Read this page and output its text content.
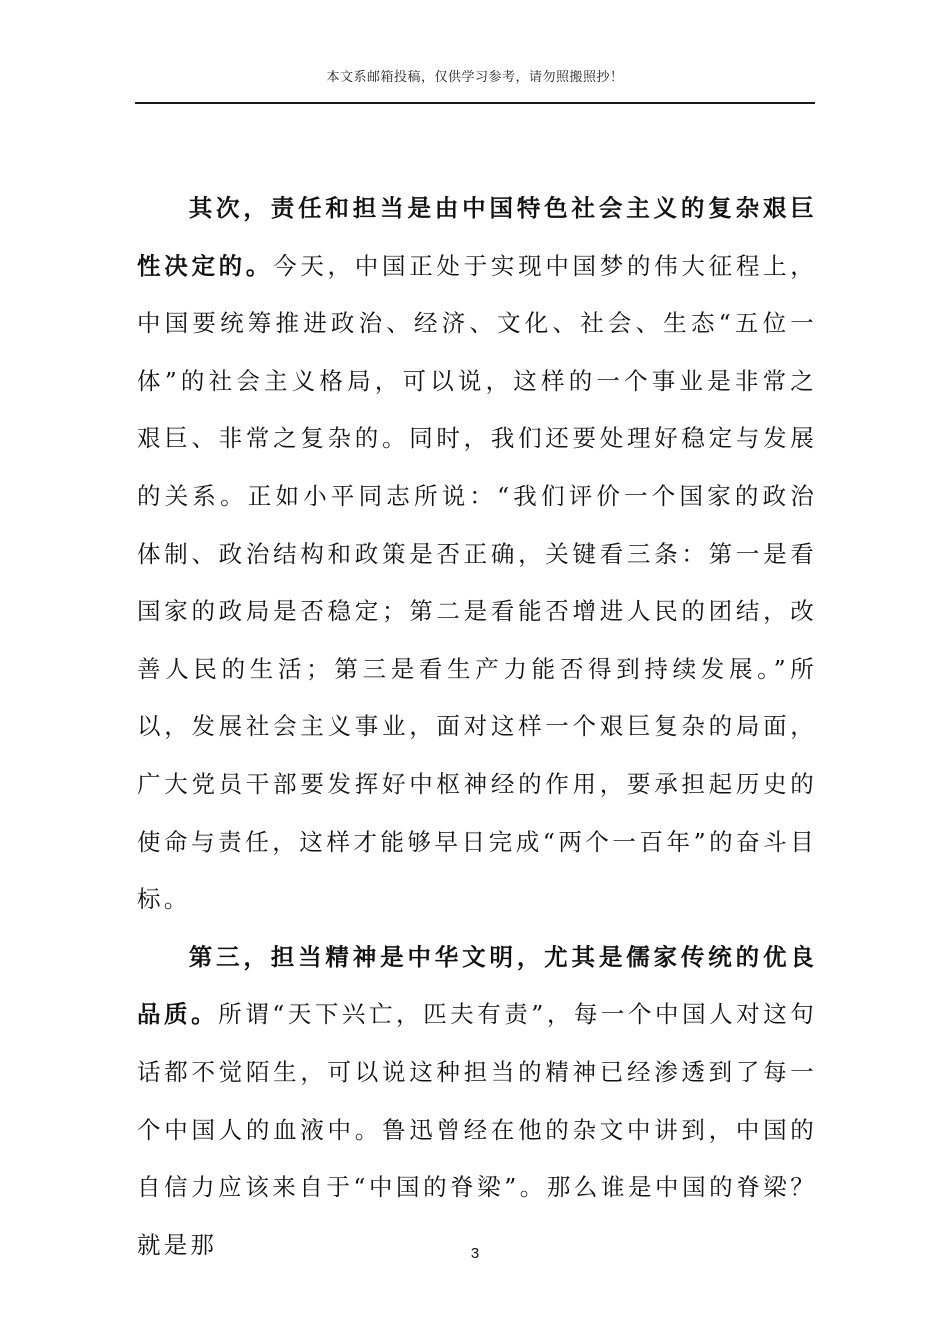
本文系邮箱投稿，仅供学习参考，请勿照搬照抄！

其次，责任和担当是由中国特色社会主义的复杂艰巨性决定的。今天，中国正处于实现中国梦的伟大征程上，中国要统筹推进政治、经济、文化、社会、生态“五位一体”的社会主义格局，可以说，这样的一个事业是非常之艰巨、非常之复杂的。同时，我们还要处理好稳定与发展的关系。正如小平同志所说：“我们评价一个国家的政治体制、政治结构和政策是否正确，关键看三条：第一是看国家的政局是否稳定；第二是看能否增进人民的团结，改善人民的生活；第三是看生产力能否得到持续发展。”所以，发展社会主义事业，面对这样一个艰巨复杂的局面，广大党员干部要发挥好中枢神经的作用，要承担起历史的使命与责任，这样才能够早日完成“两个一百年”的奋斗目标。

第三，担当精神是中华文明，尤其是儒家传统的优良品质。所谓“天下兴亡，匹夫有责”，每一个中国人对这句话都不觉陌生，可以说这种担当的精神已经渗透到了每一个中国人的血液中。鲁迅曾经在他的杂文中讲到，中国的自信力应该来自于“中国的脊梁”。那么谁是中国的脊梁？就是那	3
